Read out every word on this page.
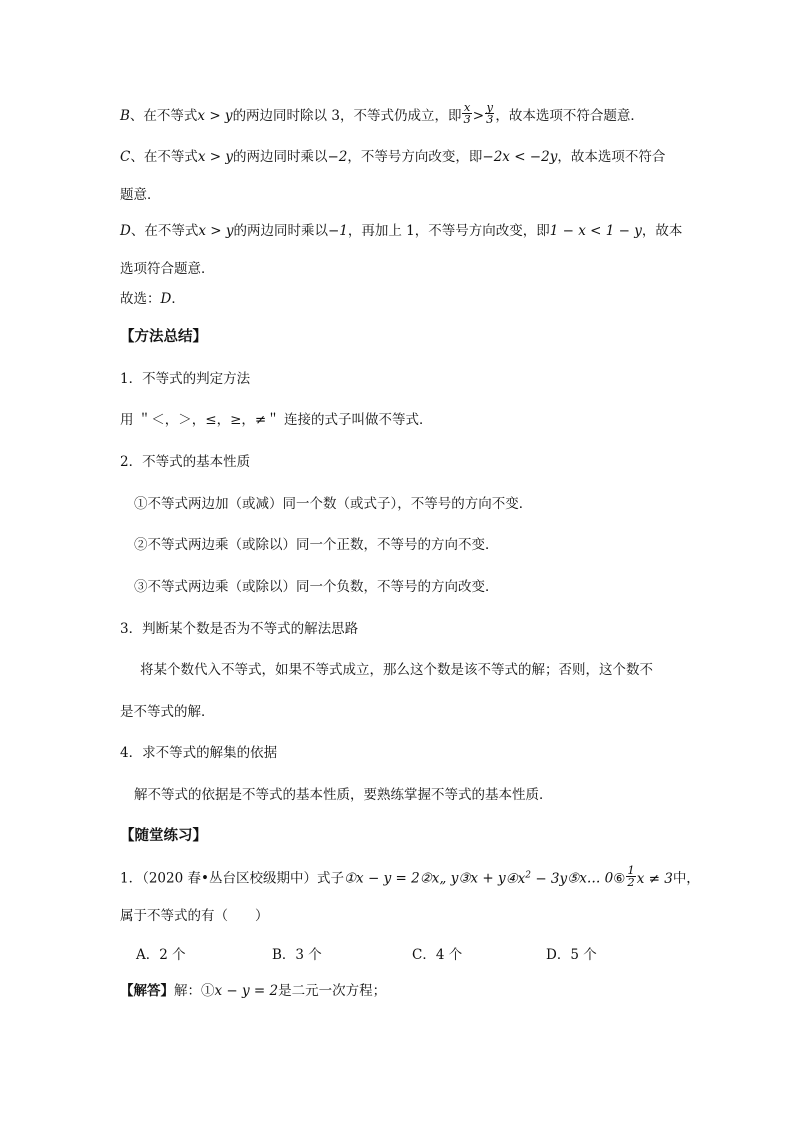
B、在不等式x > y的两边同时除以 3，不等式仍成立，即 $\frac{x}{3} > \frac{y}{3}$ ，故本选项不符合题意．
C、在不等式x > y的两边同时乘以−2，不等号方向改变，即−2x < −2y，故本选项不符合
题意．
D、在不等式x > y的两边同时乘以−1，再加上 1，不等号方向改变，即1 − x < 1 − y，故本
选项符合题意．
故选：D．
【方法总结】
1．不等式的判定方法
用 ＂＜，＞，≤，≥，≠＂ 连接的式子叫做不等式．
2．不等式的基本性质
①不等式两边加（或减）同一个数（或式子），不等号的方向不变．
②不等式两边乘（或除以）同一个正数，不等号的方向不变．
③不等式两边乘（或除以）同一个负数，不等号的方向改变．
3．判断某个数是否为不等式的解法思路
将某个数代入不等式，如果不等式成立，那么这个数是该不等式的解；否则，这个数不
是不等式的解．
4．求不等式的解集的依据
解不等式的依据是不等式的基本性质，要熟练掌握不等式的基本性质．
【随堂练习】
1．（2020 春•丛台区校级期中）式子①x − y = 2②x„ y③x + $y④x^2$ − 3y⑤x… 0⑥ $\frac{1}{2}$ x ≠ 3中，
属于不等式的有（　　）
A．2 个	B．3 个	C．4 个	D．5 个
【解答】解：①x − y = 2是二元一次方程；
